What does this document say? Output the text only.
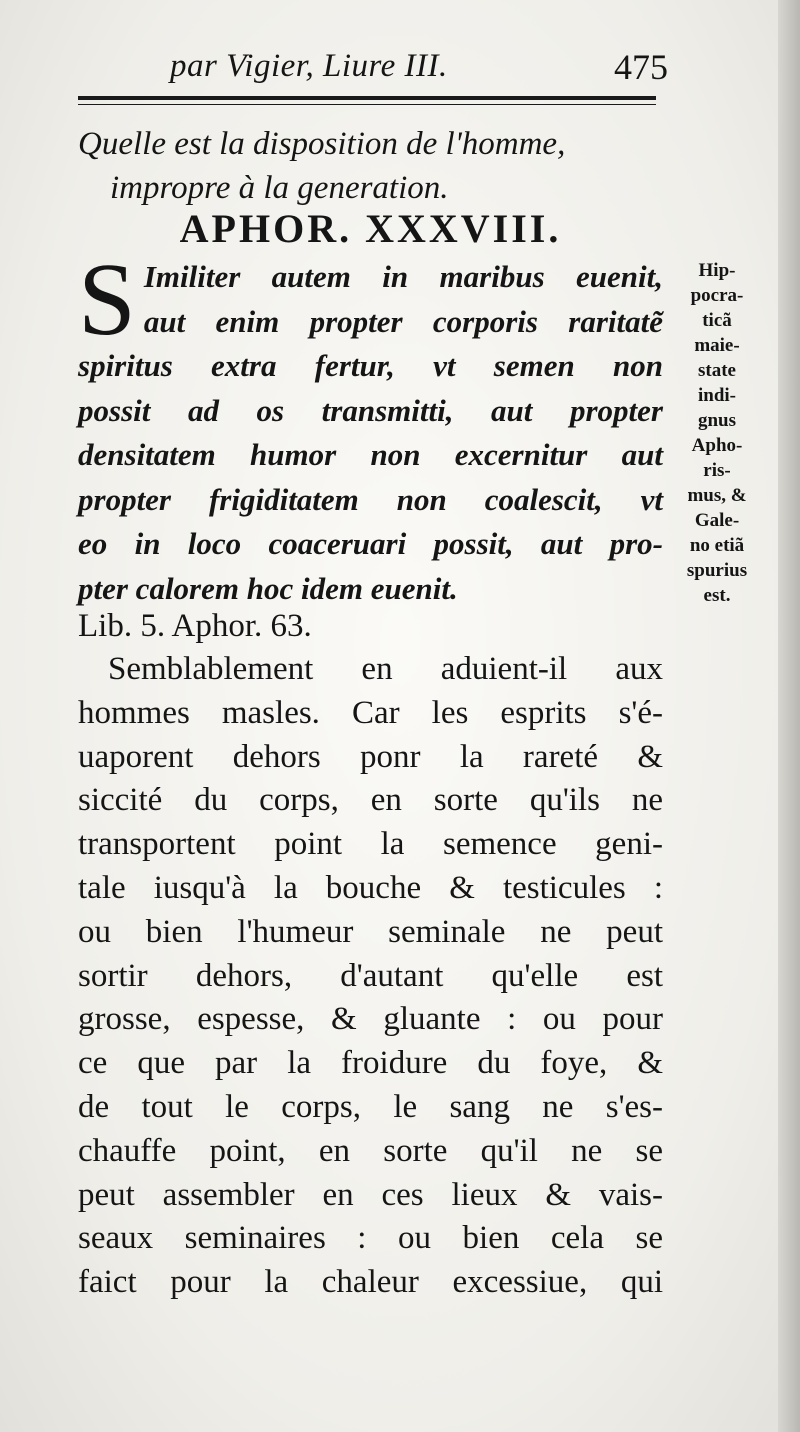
par Vigier, Liure III.	475
Quelle est la disposition de l'homme,
impropre à la generation.
APHOR. XXXVIII.
S Imiliter autem in maribus euenit,
aut enim propter corporis raritatẽ
spiritus extra fertur, vt semen non
possit ad os transmitti, aut propter
densitatem humor non excernitur aut
propter frigiditatem non coalescit, vt
eo in loco coaceruari possit, aut pro-
pter calorem hoc idem euenit.
Lib. 5. Aphor. 63.
Semblablement en aduient-il aux
hommes masles. Car les esprits s'é-
uaporent dehors ponr la rareté &
siccité du corps, en sorte qu'ils ne
transportent point la semence geni-
tale iusqu'à la bouche & testicules :
ou bien l'humeur seminale ne peut
sortir dehors, d'autant qu'elle est
grosse, espesse, & gluante : ou pour
ce que par la froidure du foye, &
de tout le corps, le sang ne s'es-
chauffe point, en sorte qu'il ne se
peut assembler en ces lieux & vais-
seaux seminaires : ou bien cela se
faict pour la chaleur excessiue, qui
Hip-
pocra-
ticã
maie-
state
indi-
gnus
Apho-
ris-
mus, &
Gale-
no etiã
spurius
est.
